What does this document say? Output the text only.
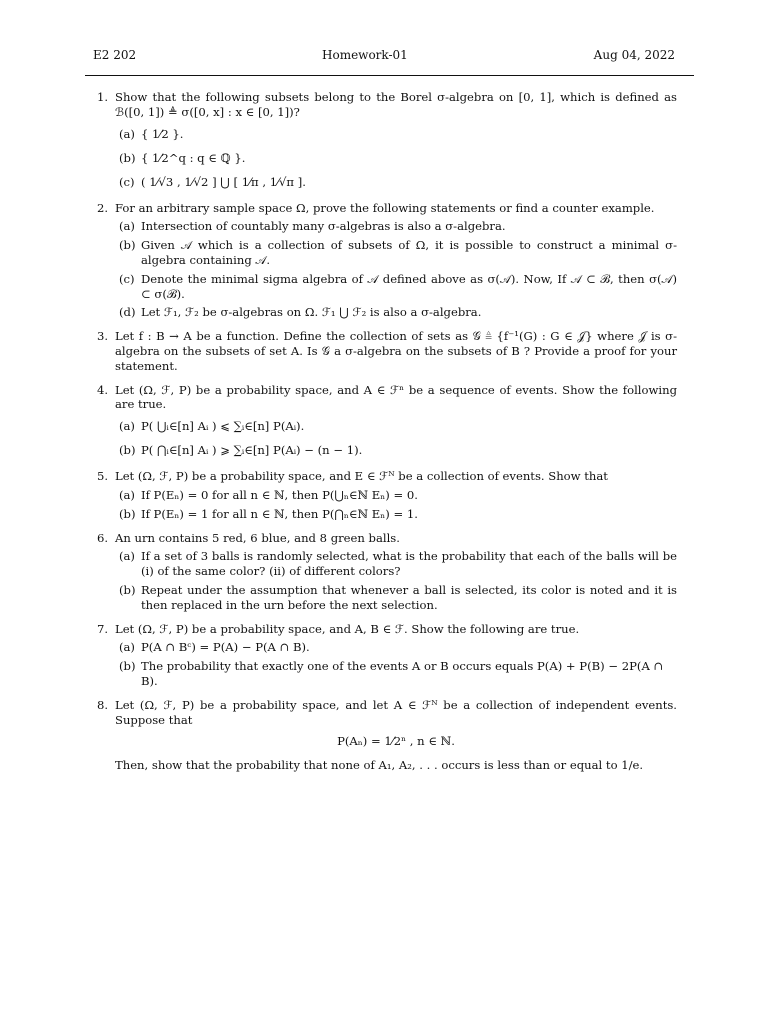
E2 202	Homework-01	Aug 04, 2022
1. Show that the following subsets belong to the Borel σ-algebra on [0, 1], which is defined as ℬ([0, 1]) ≜ σ([0, x] : x ∈ [0, 1])?
(a) { 1⁄2 }.
(b) { 1⁄2^q : q ∈ ℚ }.
(c) ( 1⁄√3 , 1⁄√2 ] ⋃ [ 1⁄π , 1⁄√π ].
2. For an arbitrary sample space Ω, prove the following statements or find a counter example.
(a) Intersection of countably many σ-algebras is also a σ-algebra.
(b) Given 𝒜 which is a collection of subsets of Ω, it is possible to construct a minimal σ-algebra containing 𝒜.
(c) Denote the minimal sigma algebra of 𝒜 defined above as σ(𝒜). Now, If 𝒜 ⊂ ℬ, then σ(𝒜) ⊂ σ(ℬ).
(d) Let ℱ₁, ℱ₂ be σ-algebras on Ω. ℱ₁ ⋃ ℱ₂ is also a σ-algebra.
3. Let f : B → A be a function. Define the collection of sets as 𝒢 ≜ {f⁻¹(G) : G ∈ 𝒥} where 𝒥 is σ-algebra on the subsets of set A. Is 𝒢 a σ-algebra on the subsets of B ? Provide a proof for your statement.
4. Let (Ω, ℱ, P) be a probability space, and A ∈ ℱⁿ be a sequence of events. Show the following are true.
(a) P( ⋃ᵢ∈[n] Aᵢ ) ⩽ ∑ᵢ∈[n] P(Aᵢ).
(b) P( ⋂ᵢ∈[n] Aᵢ ) ⩾ ∑ᵢ∈[n] P(Aᵢ) − (n − 1).
5. Let (Ω, ℱ, P) be a probability space, and E ∈ ℱᴺ be a collection of events. Show that
(a) If P(Eₙ) = 0 for all n ∈ ℕ, then P(⋃ₙ∈ℕ Eₙ) = 0.
(b) If P(Eₙ) = 1 for all n ∈ ℕ, then P(⋂ₙ∈ℕ Eₙ) = 1.
6. An urn contains 5 red, 6 blue, and 8 green balls.
(a) If a set of 3 balls is randomly selected, what is the probability that each of the balls will be (i) of the same color? (ii) of different colors?
(b) Repeat under the assumption that whenever a ball is selected, its color is noted and it is then replaced in the urn before the next selection.
7. Let (Ω, ℱ, P) be a probability space, and A, B ∈ ℱ. Show the following are true.
(a) P(A ∩ Bᶜ) = P(A) − P(A ∩ B).
(b) The probability that exactly one of the events A or B occurs equals P(A) + P(B) − 2P(A ∩ B).
8. Let (Ω, ℱ, P) be a probability space, and let A ∈ ℱᴺ be a collection of independent events. Suppose that
P(Aₙ) = 1⁄2ⁿ , n ∈ ℕ.
Then, show that the probability that none of A₁, A₂, . . . occurs is less than or equal to 1/e.
